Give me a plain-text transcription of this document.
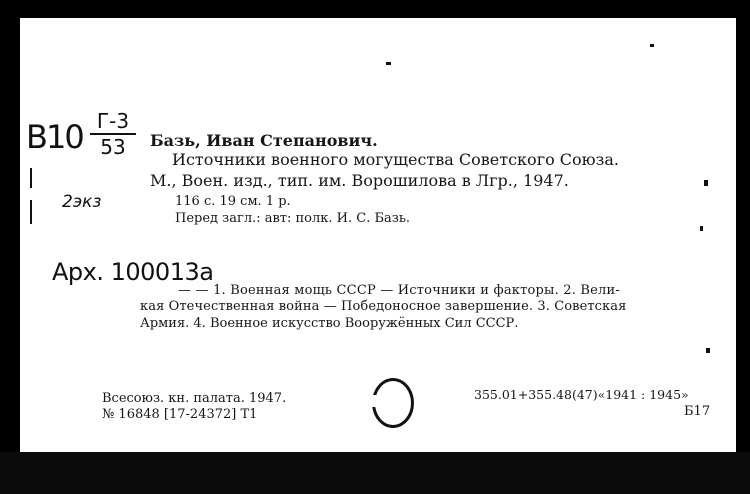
В10 Г-3
53
2экз
Арх. 100013а
Базь, Иван Степанович.
Источники военного могущества Советского Союза.
М., Воен. изд., тип. им. Ворошилова в Лгр., 1947.
116 с. 19 см. 1 р.
Перед загл.: авт: полк. И. С. Базь.
— — 1. Военная мощь СССР — Источники и факторы. 2. Вели-
кая Отечественная война — Победоносное завершение. 3. Советская
Армия. 4. Военное искусство Вооружённых Сил СССР.
Всесоюз. кн. палата. 1947.
№ 16848 [17-24372] Т1
355.01+355.48(47)«1941 : 1945»
Б17
